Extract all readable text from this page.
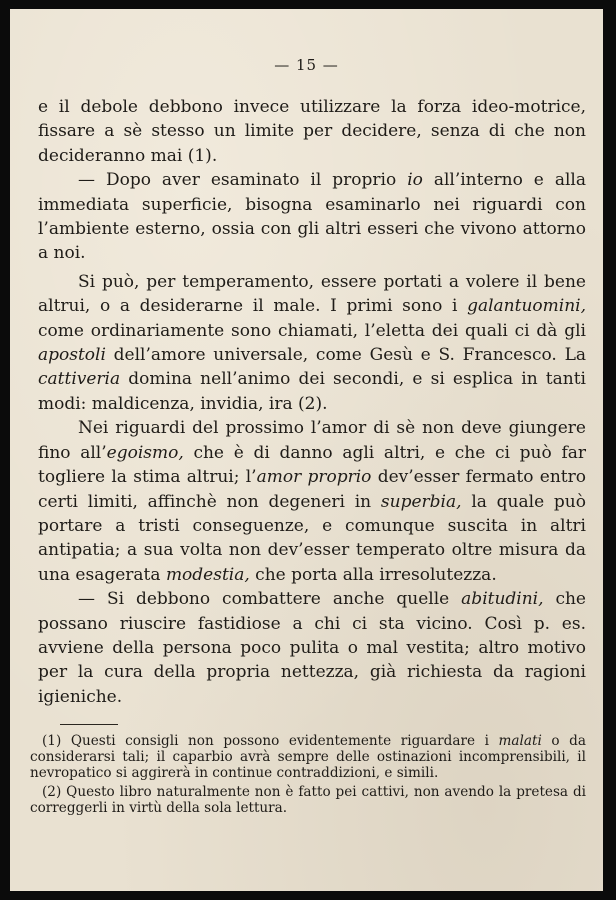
— 15 —

e il debole debbono invece utilizzare la forza ideo-motrice, fissare a sè stesso un limite per decidere, senza di che non decideranno mai (1).

— Dopo aver esaminato il proprio io all’interno e alla immediata superficie, bisogna esaminarlo nei riguardi con l’ambiente esterno, ossia con gli altri esseri che vivono attorno a noi.

Si può, per temperamento, essere portati a volere il bene altrui, o a desiderarne il male. I primi sono i galantuomini, come ordinariamente sono chiamati, l’eletta dei quali ci dà gli apostoli dell’amore universale, come Gesù e S. Francesco. La cattiveria domina nell’animo dei secondi, e si esplica in tanti modi: maldicenza, invidia, ira (2).

Nei riguardi del prossimo l’amor di sè non deve giungere fino all’egoismo, che è di danno agli altri, e che ci può far togliere la stima altrui; l’amor proprio dev’esser fermato entro certi limiti, affinchè non degeneri in superbia, la quale può portare a tristi conseguenze, e comunque suscita in altri antipatia; a sua volta non dev’esser temperato oltre misura da una esagerata modestia, che porta alla irresolutezza.

— Si debbono combattere anche quelle abitudini, che possano riuscire fastidiose a chi ci sta vicino. Così p. es. avviene della persona poco pulita o mal vestita; altro motivo per la cura della propria nettezza, già richiesta da ragioni igieniche.

(1) Questi consigli non possono evidentemente riguardare i malati o da considerarsi tali; il caparbio avrà sempre delle ostinazioni incomprensibili, il nevropatico si aggirerà in continue contraddizioni, e simili.

(2) Questo libro naturalmente non è fatto pei cattivi, non avendo la pretesa di correggerli in virtù della sola lettura.
